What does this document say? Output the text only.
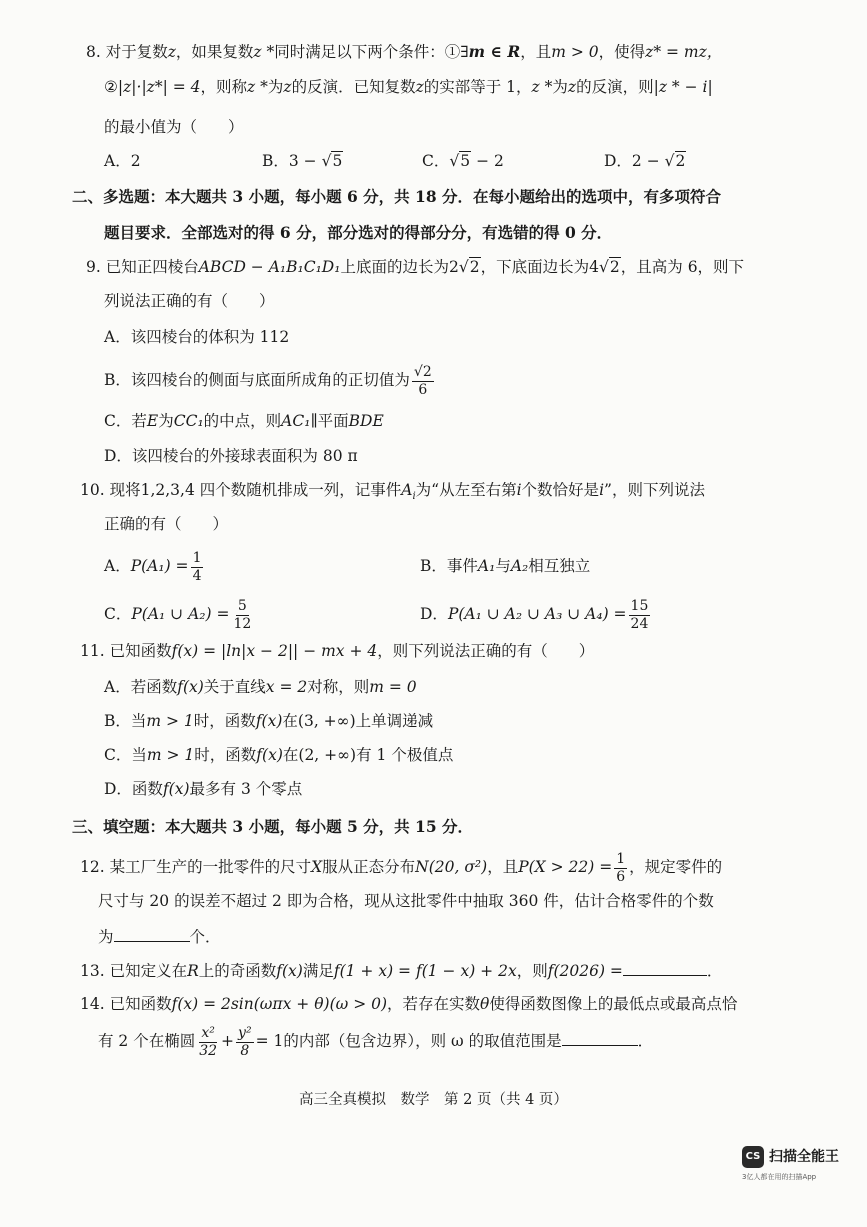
8. 对于复数z，如果复数z *同时满足以下两个条件：①∃m ∈ R，且m > 0，使得z* = mz，
②|z|·|z*| = 4，则称z *为z的反演．已知复数z的实部等于 1，z *为z的反演，则|z * − i|
的最小值为（　　）
A．2	B．3 − √5	C．√5 − 2	D．2 − √2
二、多选题：本大题共 3 小题，每小题 6 分，共 18 分．在每小题给出的选项中，有多项符合
题目要求．全部选对的得 6 分，部分选对的得部分分，有选错的得 0 分．
9. 已知正四棱台ABCD − A₁B₁C₁D₁上底面的边长为2√2，下底面边长为4√2，且高为 6，则下
列说法正确的有（　　）
A．该四棱台的体积为 112
B．该四棱台的侧面与底面所成角的正切值为 $\frac{√2}{6}$
C．若E为CC₁的中点，则AC₁∥平面BDE
D．该四棱台的外接球表面积为 80 π
10. 现将1,2,3,4 四个数随机排成一列，记事件$A_i$为“从左至右第i个数恰好是i”，则下列说法
正确的有（　　）
A．$P(A_1) = \frac{1}{4}$	B．事件A₁与A₂相互独立
C．P(A₁ ∪ $A_2) = \frac{5}{12}$	D．P(A₁ ∪ A₂ ∪ A₃ ∪ $A_4) = \frac{15}{24}$
11. 已知函数f(x) = |ln|x − 2|| − mx + 4，则下列说法正确的有（　　）
A．若函数f(x)关于直线x = 2对称，则m = 0
B．当m > 1时，函数f(x)在(3, +∞)上单调递减
C．当m > 1时，函数f(x)在(2, +∞)有 1 个极值点
D．函数f(x)最多有 3 个零点
三、填空题：本大题共 3 小题，每小题 5 分，共 15 分．
12. 某工厂生产的一批零件的尺寸X服从正态分布N(20, σ²)，且$P(X > 22) = \frac{1}{6}$ ，规定零件的
尺寸与 20 的误差不超过 2 即为合格，现从这批零件中抽取 360 件，估计合格零件的个数
为	个．
13. 已知定义在R上的奇函数f(x)满足f(1 + x) = f(1 − x) + 2x，则f(2026) =	．
14. 已知函数f(x) = 2sin(ωπx + θ)(ω > 0)，若存在实数θ使得函数图像上的最低点或最高点恰
有 2 个在椭圆 $\frac{\text{x²}}{32} + \frac{\text{y²}}{8} = 1$的内部（包含边界），则 ω 的取值范围是	．
高三全真模拟　数学　第 2 页（共 4 页）
CS 扫描全能王
3亿人都在用的扫描App
